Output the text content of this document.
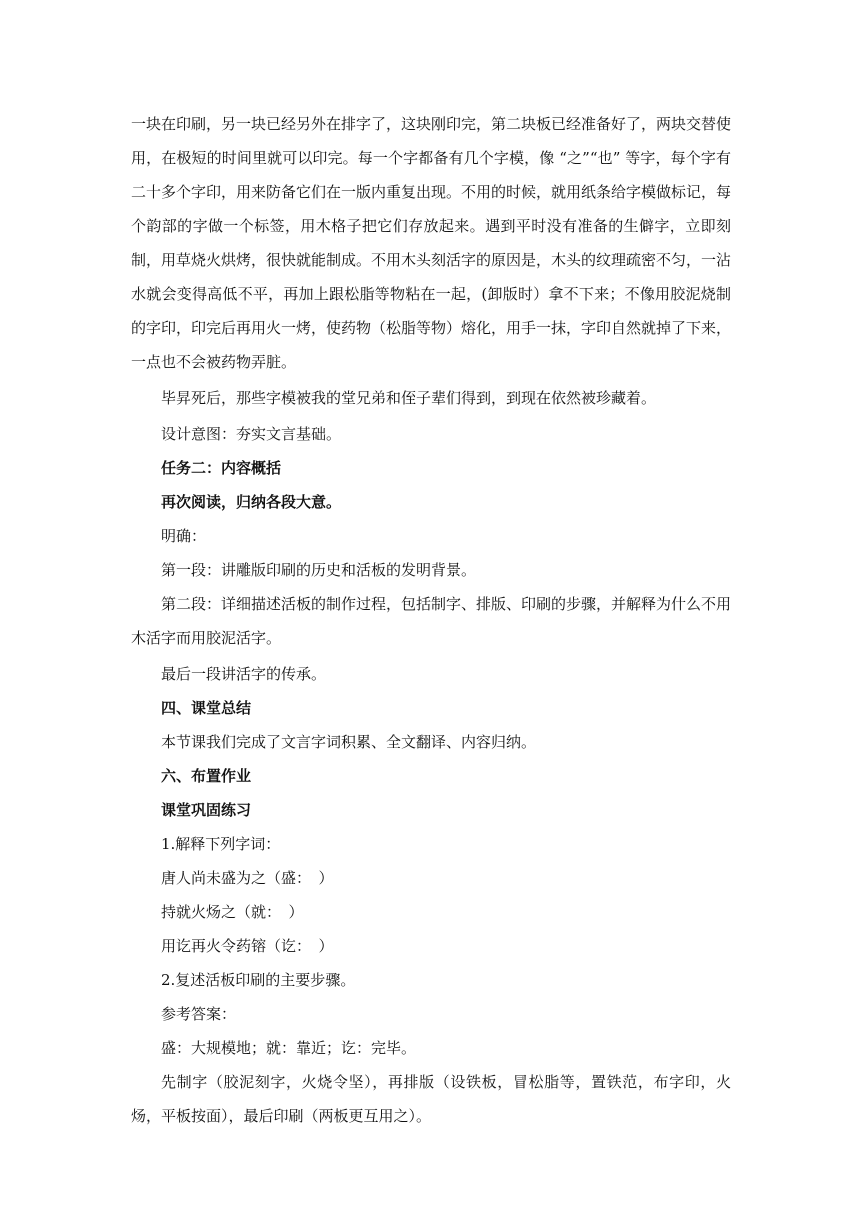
一块在印刷，另一块已经另外在排字了，这块刚印完，第二块板已经准备好了，两块交替使用，在极短的时间里就可以印完。每一个字都备有几个字模，像 “之”“也” 等字，每个字有二十多个字印，用来防备它们在一版内重复出现。不用的时候，就用纸条给字模做标记，每个韵部的字做一个标签，用木格子把它们存放起来。遇到平时没有准备的生僻字，立即刻制，用草烧火烘烤，很快就能制成。不用木头刻活字的原因是，木头的纹理疏密不匀，一沾水就会变得高低不平，再加上跟松脂等物粘在一起，(卸版时）拿不下来；不像用胶泥烧制的字印，印完后再用火一烤，使药物（松脂等物）熔化，用手一抹，字印自然就掉了下来，一点也不会被药物弄脏。

毕昇死后，那些字模被我的堂兄弟和侄子辈们得到，到现在依然被珍藏着。

设计意图：夯实文言基础。
任务二：内容概括
再次阅读，归纳各段大意。
明确：
第一段：讲雕版印刷的历史和活板的发明背景。

第二段：详细描述活板的制作过程，包括制字、排版、印刷的步骤，并解释为什么不用木活字而用胶泥活字。

最后一段讲活字的传承。
四、课堂总结
本节课我们完成了文言字词积累、全文翻译、内容归纳。
六、布置作业
课堂巩固练习
1.解释下列字词：
唐人尚未盛为之（盛：　）
持就火炀之（就：　）
用讫再火令药镕（讫：　）
2.复述活板印刷的主要步骤。
参考答案：
盛：大规模地；就：靠近；讫：完毕。

先制字（胶泥刻字，火烧令坚），再排版（设铁板，冒松脂等，置铁范，布字印，火炀，平板按面），最后印刷（两板更互用之）。
